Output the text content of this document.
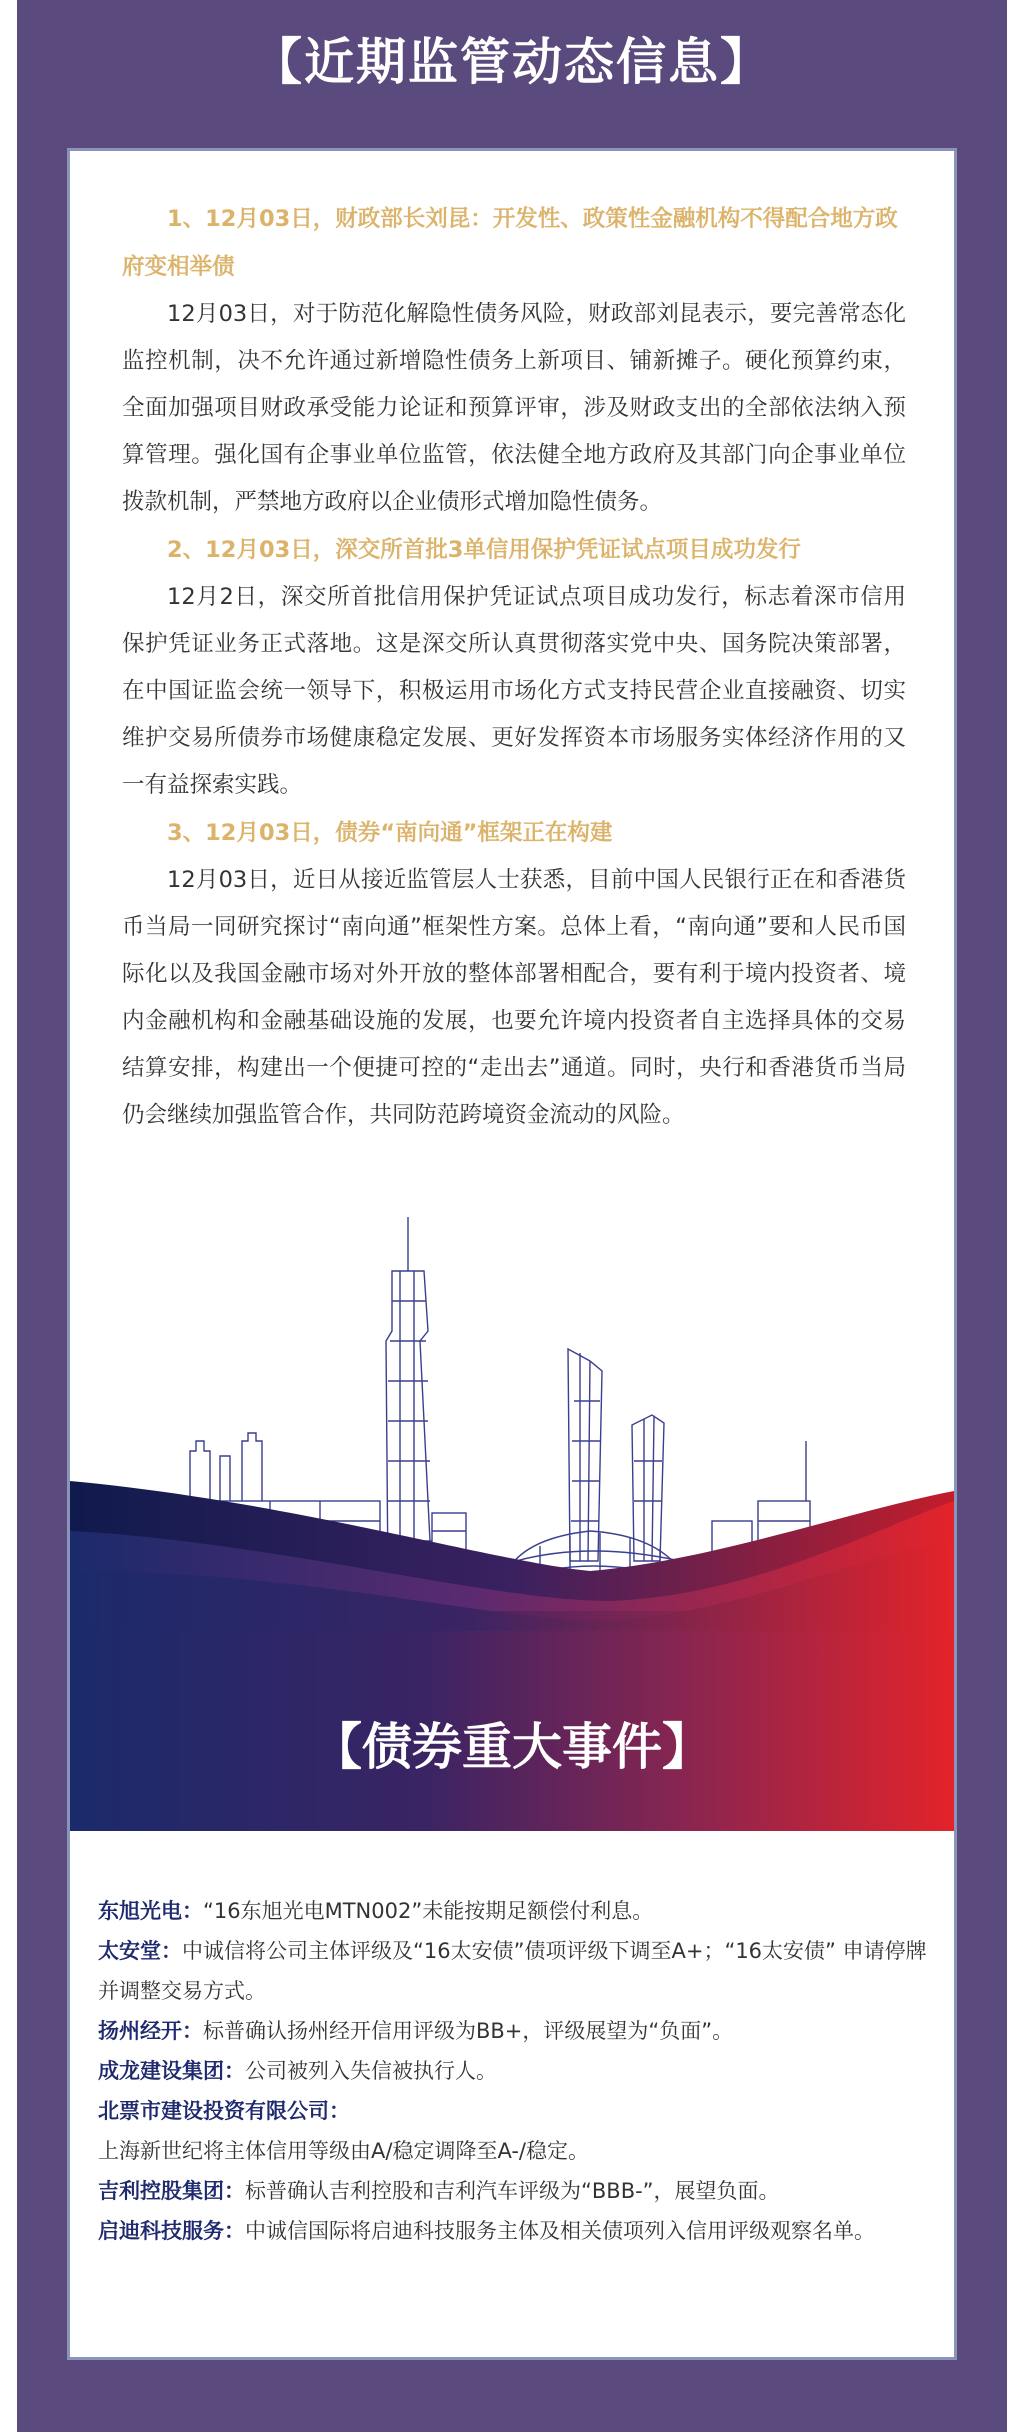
【近期监管动态信息】

1、12月03日，财政部长刘昆：开发性、政策性金融机构不得配合地方政府变相举债

12月03日，对于防范化解隐性债务风险，财政部刘昆表示，要完善常态化监控机制，决不允许通过新增隐性债务上新项目、铺新摊子。硬化预算约束，全面加强项目财政承受能力论证和预算评审，涉及财政支出的全部依法纳入预算管理。强化国有企事业单位监管，依法健全地方政府及其部门向企事业单位拨款机制，严禁地方政府以企业债形式增加隐性债务。

2、12月03日，深交所首批3单信用保护凭证试点项目成功发行

12月2日，深交所首批信用保护凭证试点项目成功发行，标志着深市信用保护凭证业务正式落地。这是深交所认真贯彻落实党中央、国务院决策部署，在中国证监会统一领导下，积极运用市场化方式支持民营企业直接融资、切实维护交易所债券市场健康稳定发展、更好发挥资本市场服务实体经济作用的又一有益探索实践。

3、12月03日，债券“南向通”框架正在构建

12月03日，近日从接近监管层人士获悉，目前中国人民银行正在和香港货币当局一同研究探讨“南向通”框架性方案。总体上看，“南向通”要和人民币国际化以及我国金融市场对外开放的整体部署相配合，要有利于境内投资者、境内金融机构和金融基础设施的发展，也要允许境内投资者自主选择具体的交易结算安排，构建出一个便捷可控的“走出去”通道。同时，央行和香港货币当局仍会继续加强监管合作，共同防范跨境资金流动的风险。

【债券重大事件】

东旭光电：“16东旭光电MTN002”未能按期足额偿付利息。

太安堂：中诚信将公司主体评级及“16太安债”债项评级下调至A+；“16太安债” 申请停牌并调整交易方式。

扬州经开：标普确认扬州经开信用评级为BB+，评级展望为“负面”。

成龙建设集团：公司被列入失信被执行人。

北票市建设投资有限公司：

上海新世纪将主体信用等级由A/稳定调降至A-/稳定。

吉利控股集团：标普确认吉利控股和吉利汽车评级为“BBB-”，展望负面。

启迪科技服务：中诚信国际将启迪科技服务主体及相关债项列入信用评级观察名单。
